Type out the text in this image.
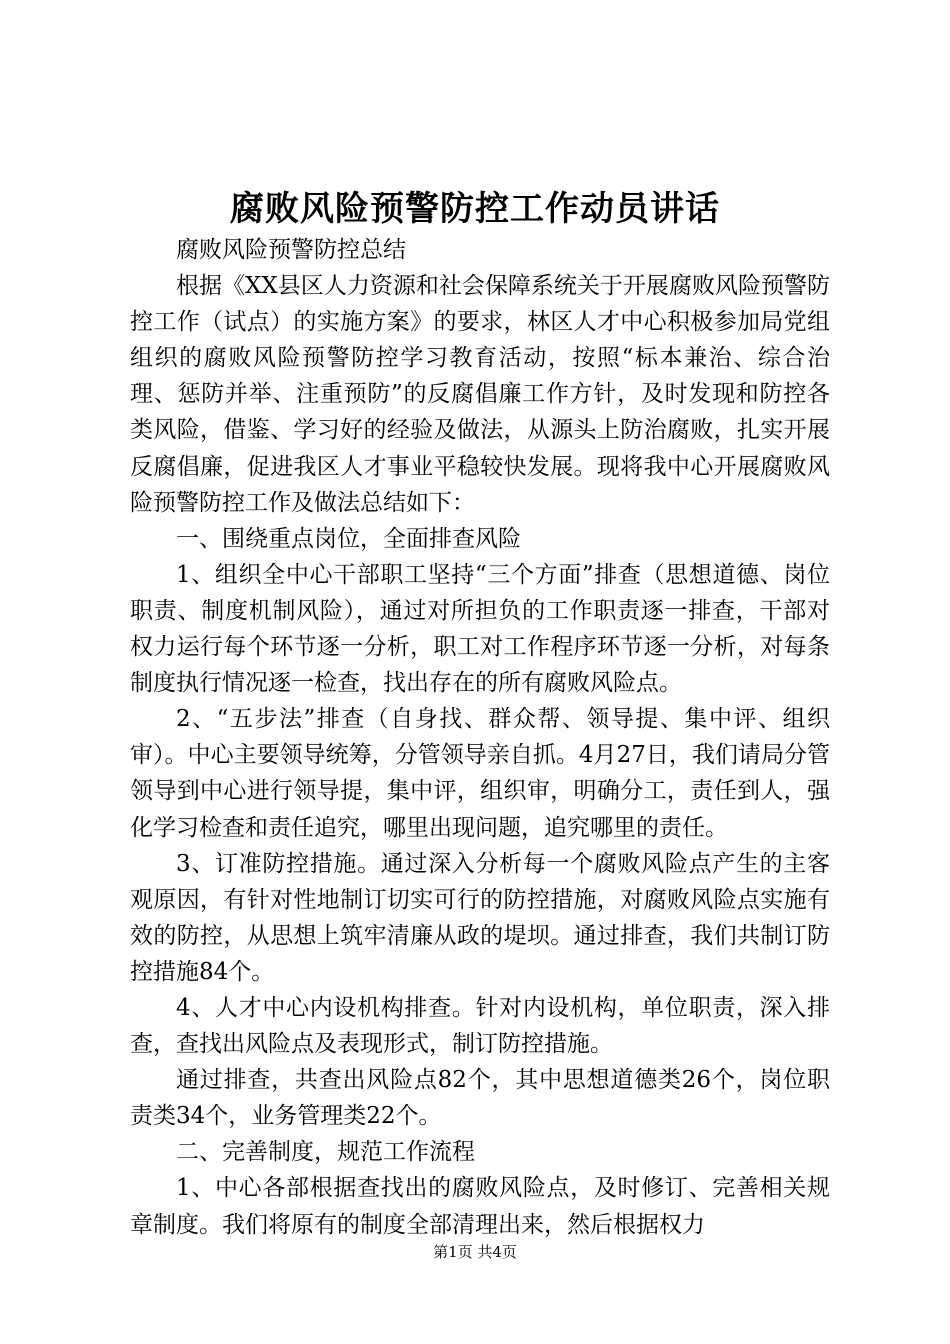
腐败风险预警防控工作动员讲话

腐败风险预警防控总结

根据《XX县区人力资源和社会保障系统关于开展腐败风险预警防控工作（试点）的实施方案》的要求，林区人才中心积极参加局党组组织的腐败风险预警防控学习教育活动，按照“标本兼治、综合治理、惩防并举、注重预防”的反腐倡廉工作方针，及时发现和防控各类风险，借鉴、学习好的经验及做法，从源头上防治腐败，扎实开展反腐倡廉，促进我区人才事业平稳较快发展。现将我中心开展腐败风险预警防控工作及做法总结如下：

一、围绕重点岗位，全面排查风险

1、组织全中心干部职工坚持“三个方面”排查（思想道德、岗位职责、制度机制风险），通过对所担负的工作职责逐一排查，干部对权力运行每个环节逐一分析，职工对工作程序环节逐一分析，对每条制度执行情况逐一检查，找出存在的所有腐败风险点。

2、“五步法”排查（自身找、群众帮、领导提、集中评、组织审）。中心主要领导统筹，分管领导亲自抓。4月27日，我们请局分管领导到中心进行领导提，集中评，组织审，明确分工，责任到人，强化学习检查和责任追究，哪里出现问题，追究哪里的责任。

3、订准防控措施。通过深入分析每一个腐败风险点产生的主客观原因，有针对性地制订切实可行的防控措施，对腐败风险点实施有效的防控，从思想上筑牢清廉从政的堤坝。通过排查，我们共制订防控措施84个。

4、人才中心内设机构排查。针对内设机构，单位职责，深入排查，查找出风险点及表现形式，制订防控措施。

通过排查，共查出风险点82个，其中思想道德类26个，岗位职责类34个，业务管理类22个。

二、完善制度，规范工作流程

1、中心各部根据查找出的腐败风险点，及时修订、完善相关规章制度。我们将原有的制度全部清理出来，然后根据权力

第1页 共4页
